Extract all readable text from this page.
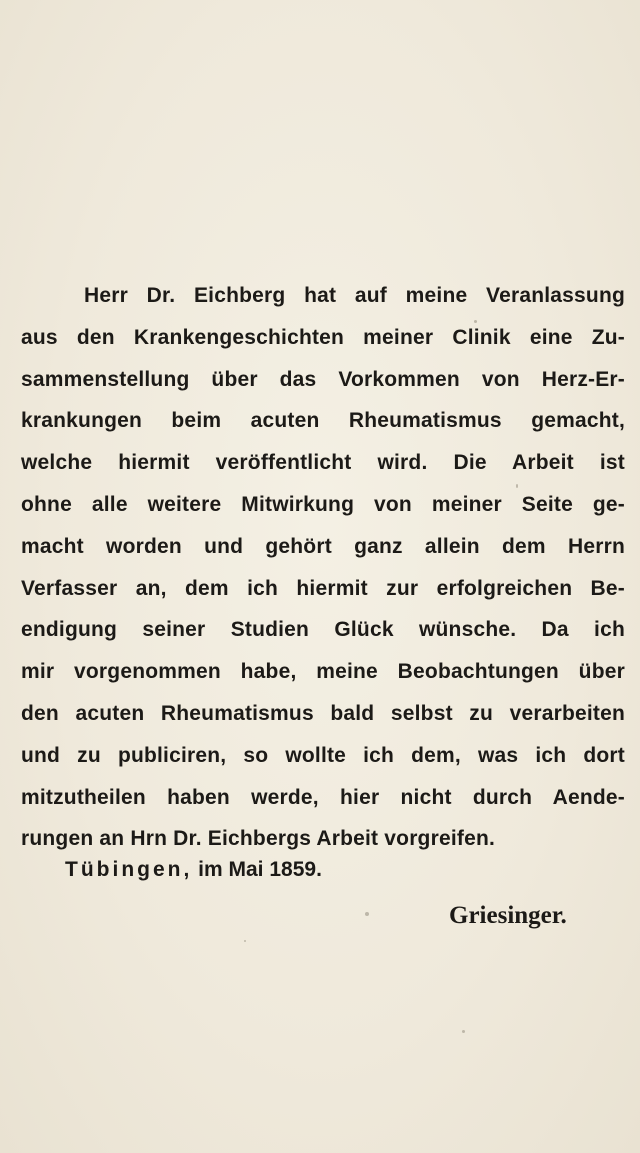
Herr Dr. Eichberg hat auf meine Veranlassung
aus den Krankengeschichten meiner Clinik eine Zu-
sammenstellung über das Vorkommen von Herz-Er-
krankungen beim acuten Rheumatismus gemacht,
welche hiermit veröffentlicht wird. Die Arbeit ist
ohne alle weitere Mitwirkung von meiner Seite ge-
macht worden und gehört ganz allein dem Herrn
Verfasser an, dem ich hiermit zur erfolgreichen Be-
endigung seiner Studien Glück wünsche. Da ich
mir vorgenommen habe, meine Beobachtungen über
den acuten Rheumatismus bald selbst zu verarbeiten
und zu publiciren, so wollte ich dem, was ich dort
mitzutheilen haben werde, hier nicht durch Aende-
rungen an Hrn Dr. Eichbergs Arbeit vorgreifen.
Tübingen, im Mai 1859.
Griesinger.
